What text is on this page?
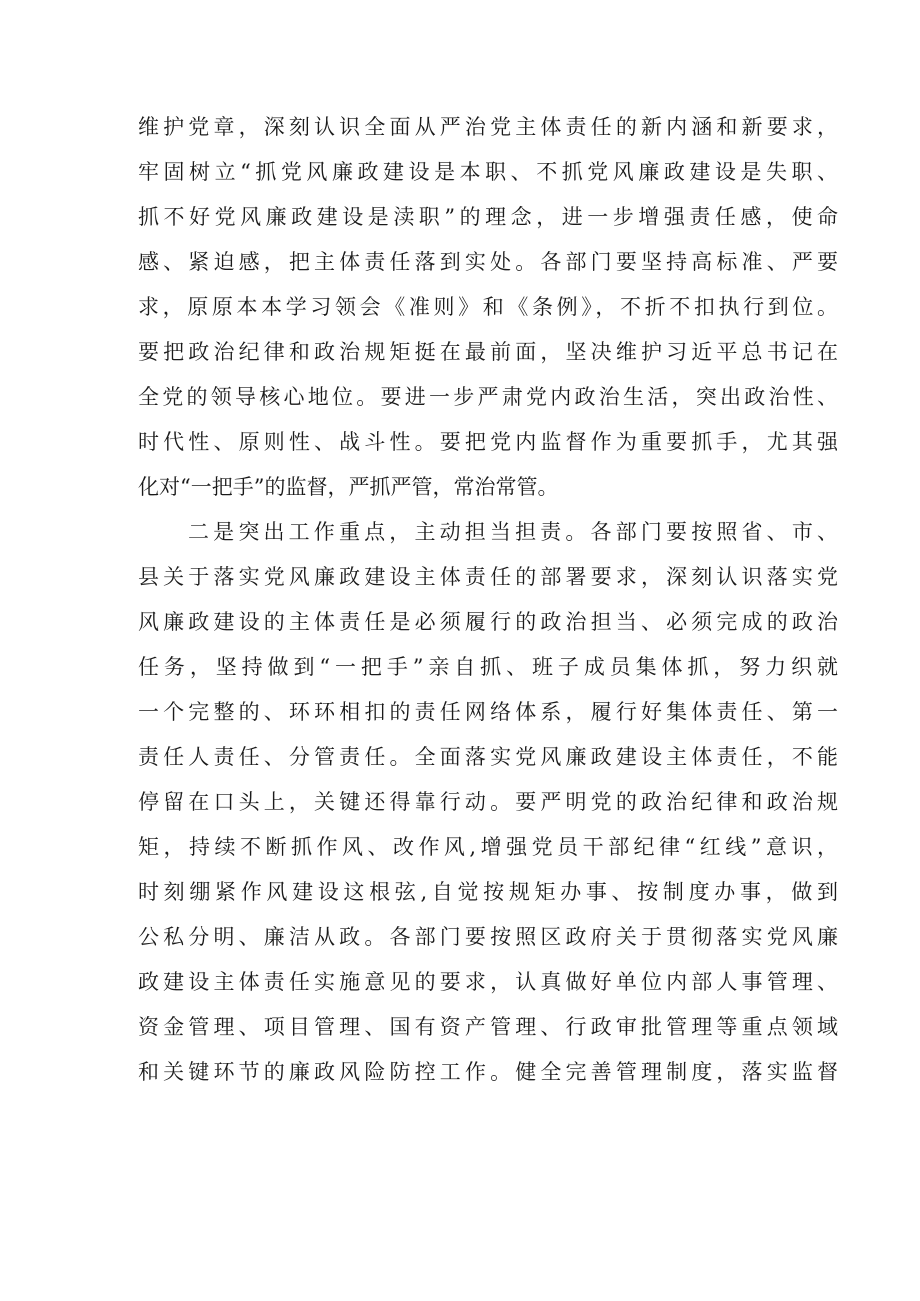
维护党章，深刻认识全面从严治党主体责任的新内涵和新要求，
牢固树立“抓党风廉政建设是本职、不抓党风廉政建设是失职、
抓不好党风廉政建设是渎职”的理念，进一步增强责任感，使命
感、紧迫感，把主体责任落到实处。各部门要坚持高标准、严要
求，原原本本学习领会《准则》和《条例》，不折不扣执行到位。
要把政治纪律和政治规矩挺在最前面，坚决维护习近平总书记在
全党的领导核心地位。要进一步严肃党内政治生活，突出政治性、
时代性、原则性、战斗性。要把党内监督作为重要抓手，尤其强
化对“一把手”的监督，严抓严管，常治常管。
二是突出工作重点，主动担当担责。各部门要按照省、市、
县关于落实党风廉政建设主体责任的部署要求，深刻认识落实党
风廉政建设的主体责任是必须履行的政治担当、必须完成的政治
任务，坚持做到“一把手”亲自抓、班子成员集体抓，努力织就
一个完整的、环环相扣的责任网络体系，履行好集体责任、第一
责任人责任、分管责任。全面落实党风廉政建设主体责任，不能
停留在口头上，关键还得靠行动。要严明党的政治纪律和政治规
矩，持续不断抓作风、改作风,增强党员干部纪律“红线”意识，
时刻绷紧作风建设这根弦,自觉按规矩办事、按制度办事，做到
公私分明、廉洁从政。各部门要按照区政府关于贯彻落实党风廉
政建设主体责任实施意见的要求，认真做好单位内部人事管理、
资金管理、项目管理、国有资产管理、行政审批管理等重点领域
和关键环节的廉政风险防控工作。健全完善管理制度，落实监督
